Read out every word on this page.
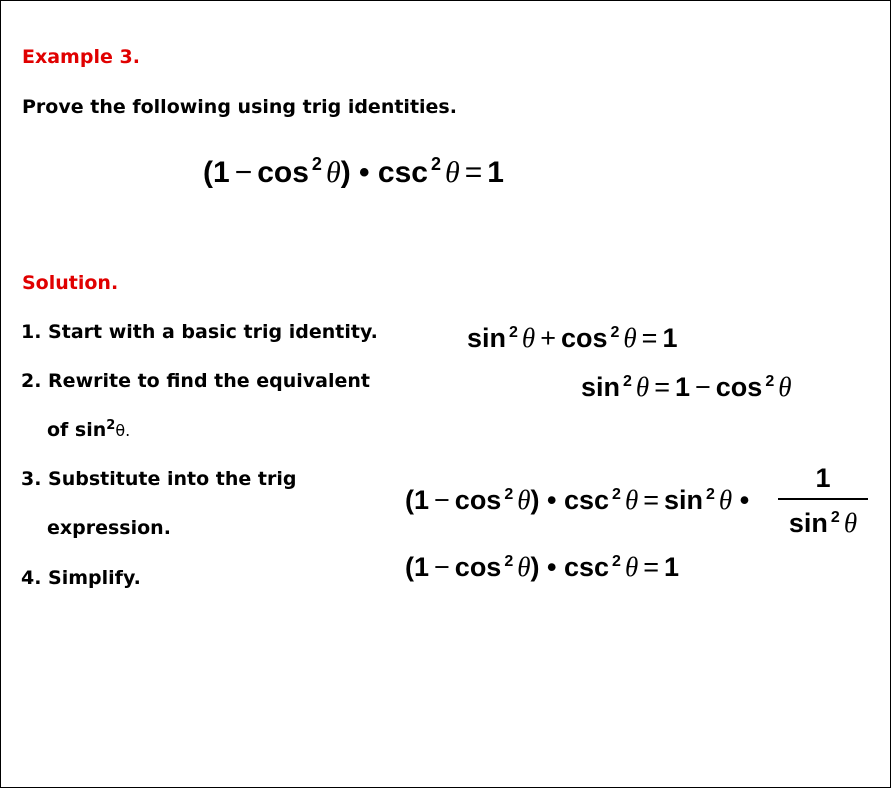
Example 3.
Prove the following using trig identities.
(1 − cos $^2$ θ) • csc $^2$ θ = 1
Solution.
1. Start with a basic trig identity.
2. Rewrite to find the equivalent
of $\sin^2\theta$.
3. Substitute into the trig
expression.
4. Simplify.
sin $^2$ θ + cos $^2$ θ = 1
sin $^2$ θ = 1 − cos $^2$ θ
(1 − cos $^2$ θ) • csc $^2$ θ = sin $^2$ θ •
1
sin $^2$ θ
(1 − cos $^2$ θ) • csc $^2$ θ = 1
